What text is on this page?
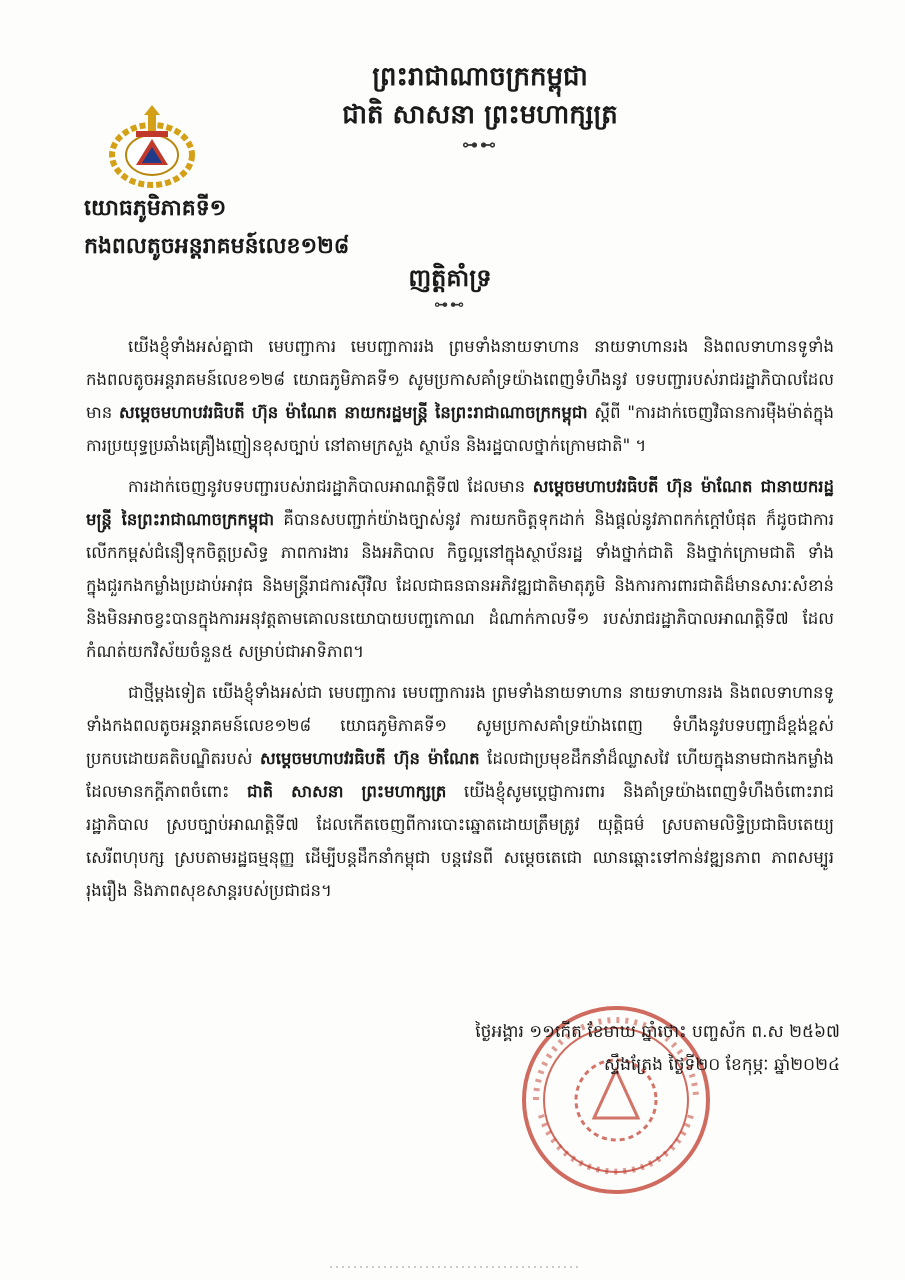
ព្រះរាជាណាចក្រកម្ពុជា
ជាតិ សាសនា ព្រះមហាក្សត្រ
⊶⊷
យោធភូមិភាគទី១
កងពលតូចអន្តរាគមន៍លេខ១២៨
ញត្តិគាំទ្រ
⊶⊷

យើងខ្ញុំទាំងអស់គ្នាជា មេបញ្ជាការ មេបញ្ជាការរង ព្រមទាំងនាយទាហាន នាយទាហានរង និងពលទាហានទូទាំងកងពលតូចអន្តរាគមន៍លេខ១២៨ យោធភូមិភាគទី១ សូមប្រកាសគាំទ្រយ៉ាងពេញទំហឹងនូវ បទបញ្ជារបស់រាជរដ្ឋាភិបាលដែលមាន សម្តេចមហាបវរធិបតី ហ៊ុន ម៉ាណែត នាយករដ្ឋមន្ត្រី នៃព្រះរាជាណាចក្រកម្ពុជា ស្តីពី "ការដាក់ចេញវិធានការម៉ឺងម៉ាត់ក្នុងការប្រយុទ្ធប្រឆាំងគ្រឿងញៀនខុសច្បាប់ នៅតាមក្រសួង ស្ថាប័ន និងរដ្ឋបាលថ្នាក់ក្រោមជាតិ" ។

ការដាក់ចេញនូវបទបញ្ជារបស់រាជរដ្ឋាភិបាលអាណត្តិទី៧ ដែលមាន សម្តេចមហាបវរធិបតី ហ៊ុន ម៉ាណែត ជានាយករដ្ឋមន្ត្រី នៃព្រះរាជាណាចក្រកម្ពុជា គឺបានសបញ្ជាក់យ៉ាងច្បាស់នូវ ការយកចិត្តទុកដាក់ និងផ្តល់នូវភាពកក់ក្តៅបំផុត ក៏ដូចជាការលើកកម្ពស់ជំនឿទុកចិត្តប្រសិទ្ធ ភាពការងារ និងអភិបាល កិច្ចល្អនៅក្នុងស្ថាប័នរដ្ឋ ទាំងថ្នាក់ជាតិ និងថ្នាក់ក្រោមជាតិ ទាំងក្នុងជួរកងកម្លាំងប្រដាប់អាវុធ និងមន្ត្រីរាជការស៊ីវិល ដែលជាធនធានអភិវឌ្ឍជាតិមាតុភូមិ និងការការពារជាតិដ៏មានសារៈសំខាន់ និងមិនអាចខ្វះបានក្នុងការអនុវត្តតាមគោលនយោបាយបញ្ចកោណ ដំណាក់កាលទី១ របស់រាជរដ្ឋាភិបាលអាណត្តិទី៧ ដែលកំណត់យកវិស័យចំនួន៥ សម្រាប់ជាអាទិភាព។

ជាថ្មីម្តងទៀត យើងខ្ញុំទាំងអស់ជា មេបញ្ជាការ មេបញ្ជាការរង ព្រមទាំងនាយទាហាន នាយទាហានរង និងពលទាហានទូទាំងកងពលតូចអន្តរាគមន៍លេខ១២៨ យោធភូមិភាគទី១ សូមប្រកាសគាំទ្រយ៉ាងពេញ ទំហឹងនូវបទបញ្ជាដ៏ខ្ពង់ខ្ពស់ប្រកបដោយគតិបណ្ឌិតរបស់ សម្តេចមហាបវរធិបតី ហ៊ុន ម៉ាណែត ដែលជាប្រមុខដឹកនាំដ៏ឈ្លាសវៃ ហើយក្នុងនាមជាកងកម្លាំងដែលមានកក្តីភាពចំពោះ ជាតិ សាសនា ព្រះមហាក្សត្រ យើងខ្ញុំសូមប្តេជ្ញាការពារ និងគាំទ្រយ៉ាងពេញទំហឹងចំពោះរាជរដ្ឋាភិបាល ស្របច្បាប់អាណត្តិទី៧ ដែលកើតចេញពីការបោះឆ្នោតដោយត្រឹមត្រូវ យុត្តិធម៌ ស្របតាមលិទ្ធិប្រជាធិបតេយ្យ សេរីពហុបក្ស ស្របតាមរដ្ឋធម្មនុញ្ញ ដើម្បីបន្តដឹកនាំកម្ពុជា បន្តវេនពី សម្តេចតេជោ ឈានឆ្ពោះទៅកាន់វឌ្ឍនភាព ភាពសម្បូររុងរឿង និងភាពសុខសាន្តរបស់ប្រជាជន។

ថ្ងៃអង្គារ ១១កើត ខែមាឃ ឆ្នាំថោះ បញ្ចស័ក ព.ស ២៥៦៧
ស្ទឹងត្រែង ថ្ងៃទី២០ ខែកុម្ភៈ ឆ្នាំ២០២៤
